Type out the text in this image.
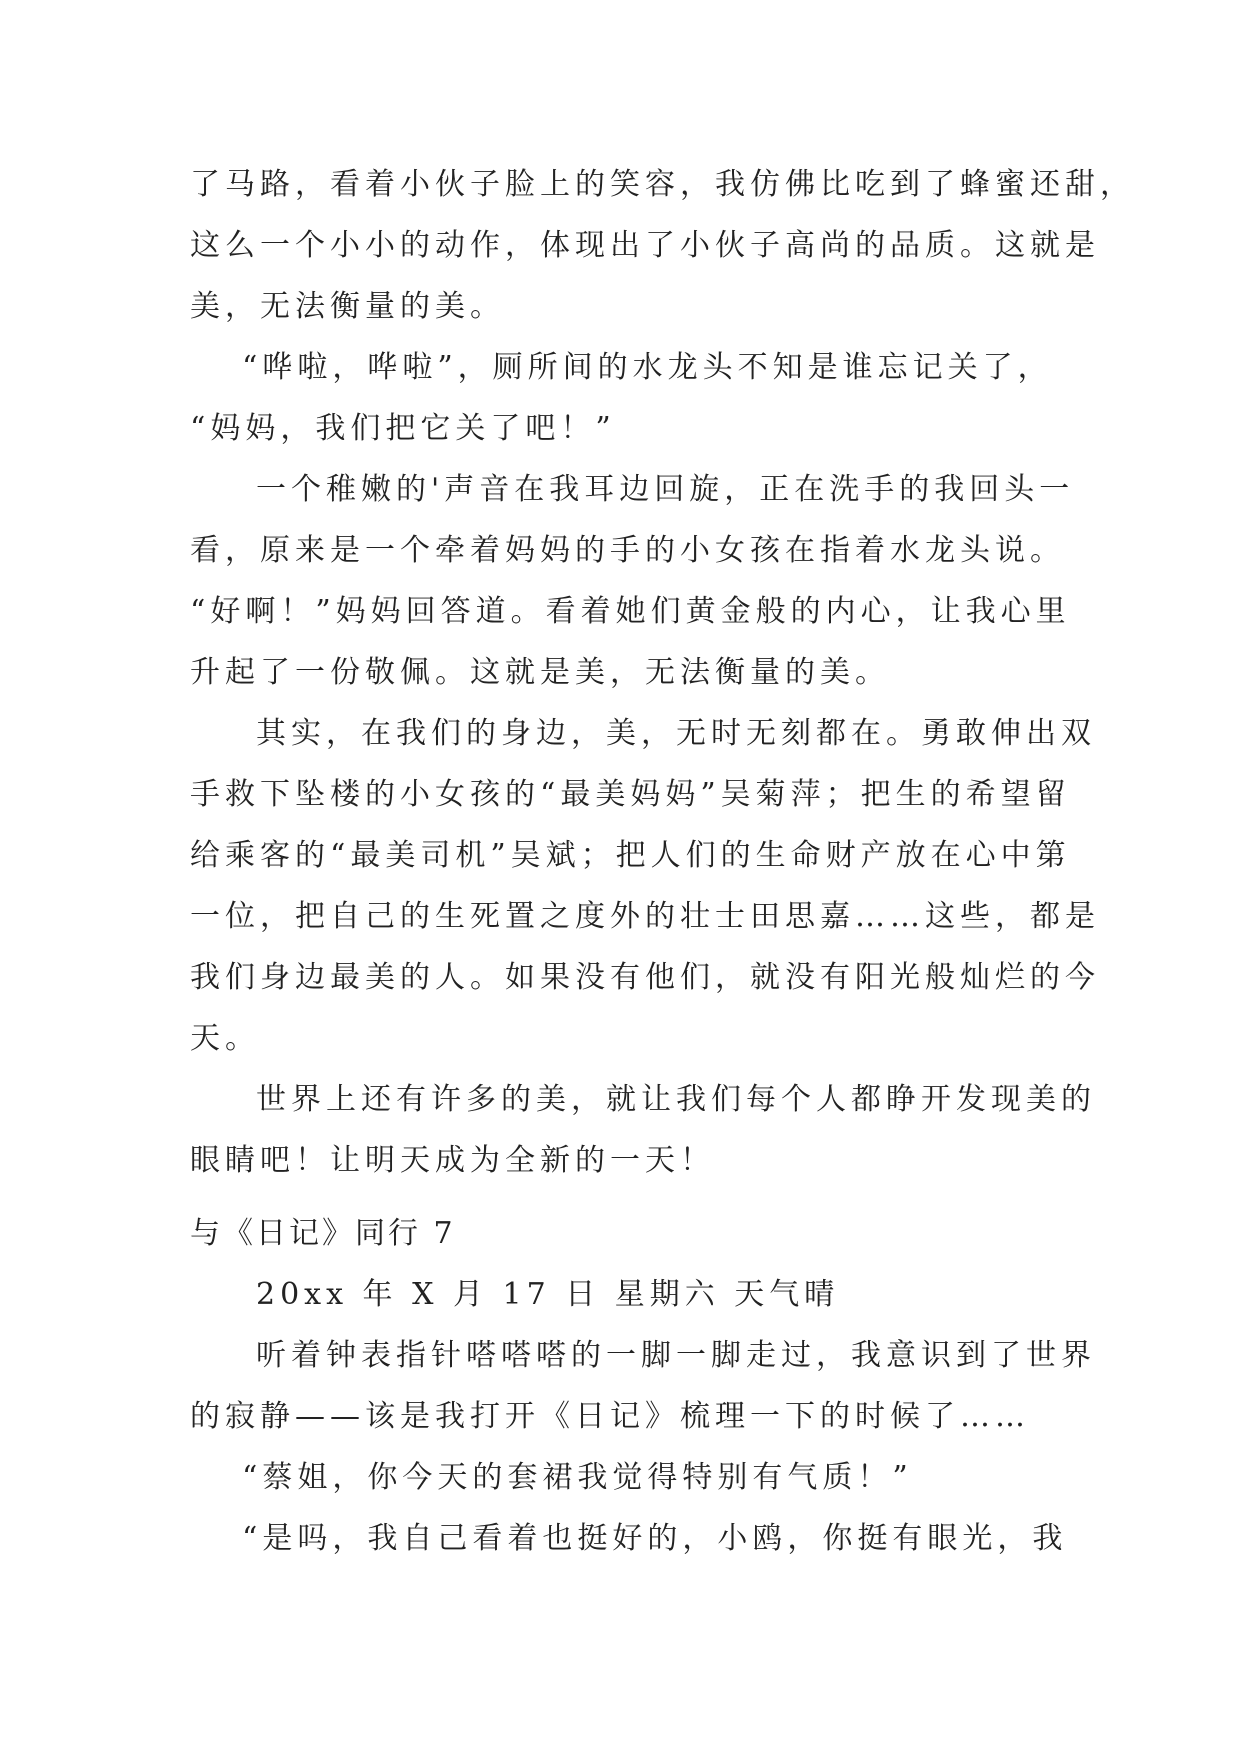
了马路，看着小伙子脸上的笑容，我仿佛比吃到了蜂蜜还甜，
这么一个小小的动作，体现出了小伙子高尚的品质。这就是
美，无法衡量的美。
“哗啦，哗啦”，厕所间的水龙头不知是谁忘记关了，
“妈妈，我们把它关了吧！”
一个稚嫩的'声音在我耳边回旋，正在洗手的我回头一
看，原来是一个牵着妈妈的手的小女孩在指着水龙头说。
“好啊！”妈妈回答道。看着她们黄金般的内心，让我心里
升起了一份敬佩。这就是美，无法衡量的美。
其实，在我们的身边，美，无时无刻都在。勇敢伸出双
手救下坠楼的小女孩的“最美妈妈”吴菊萍；把生的希望留
给乘客的“最美司机”吴斌；把人们的生命财产放在心中第
一位，把自己的生死置之度外的壮士田思嘉……这些，都是
我们身边最美的人。如果没有他们，就没有阳光般灿烂的今
天。
世界上还有许多的美，就让我们每个人都睁开发现美的
眼睛吧！让明天成为全新的一天！
与《日记》同行 7
20xx 年 X 月 17 日 星期六 天气晴
听着钟表指针嗒嗒嗒的一脚一脚走过，我意识到了世界
的寂静——该是我打开《日记》梳理一下的时候了……
“蔡姐，你今天的套裙我觉得特别有气质！”
“是吗，我自己看着也挺好的，小鸥，你挺有眼光，我
